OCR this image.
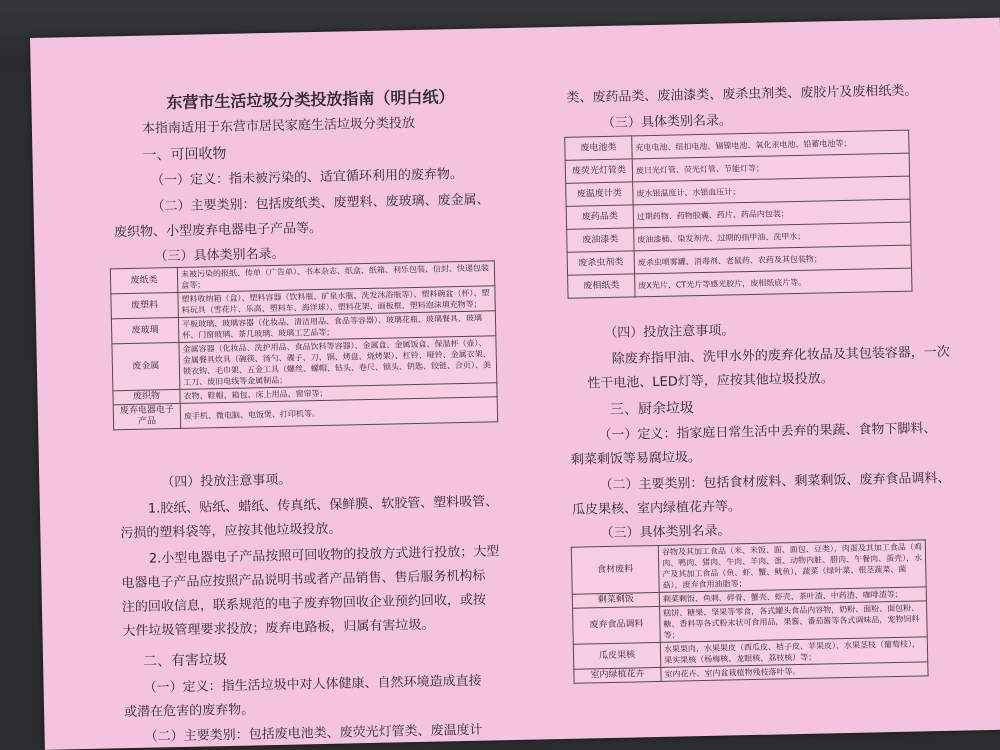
东营市生活垃圾分类投放指南（明白纸）
本指南适用于东营市居民家庭生活垃圾分类投放
一、可回收物
（一）定义：指未被污染的、适宜循环利用的废弃物。
（二）主要类别：包括废纸类、废塑料、废玻璃、废金属、
废织物、小型废弃电器电子产品等。
（三）具体类别名录。
废纸类	未被污染的报纸、传单（广告单）、书本杂志、纸盒、纸箱、利乐包装、信封、快递包装盒等；
废塑料	塑料收纳箱（盒）、塑料容器（饮料瓶、矿泉水瓶、洗发沐浴瓶等）、塑料碗盆（杯）、塑料玩具（雪花片、乐高、塑料车、海洋球）、塑料花架、画板框、塑料泡沫填充物等；
废玻璃	平板玻璃、玻璃容器（化妆品、清洁用品、食品等容器）、玻璃花瓶、玻璃餐具、玻璃杯、门窗玻璃、茶几玻璃、玻璃工艺品等；
废金属	金属容器（化妆品、洗护用品、食品饮料等容器）、金属盒、金属饭盒、保温杯（壶）、金属餐具炊具（碗筷、汤勺、碟子、刀、锅、烤盘、烧烤架）、杠铃、哑铃、金属衣架、锁衣钩、毛巾架、五金工具（螺丝、螺帽、钻头、卷尺、锁头、钥匙、铰链、合页）、美工刀、废旧电线等金属制品；
废织物	衣物、鞋帽、箱包、床上用品、窗帘等；
废弃电器电子产品	废手机、微电脑、电饭煲、打印机等。
（四）投放注意事项。
1.胶纸、贴纸、蜡纸、传真纸、保鲜膜、软胶管、塑料吸管、
污损的塑料袋等，应按其他垃圾投放。
2.小型电器电子产品按照可回收物的投放方式进行投放；大型
电器电子产品应按照产品说明书或者产品销售、售后服务机构标
注的回收信息，联系规范的电子废弃物回收企业预约回收，或按
大件垃圾管理要求投放；废弃电路板，归属有害垃圾。
二、有害垃圾
（一）定义：指生活垃圾中对人体健康、自然环境造成直接
或潜在危害的废弃物。
（二）主要类别：包括废电池类、废荧光灯管类、废温度计
类、废药品类、废油漆类、废杀虫剂类、废胶片及废相纸类。
（三）具体类别名录。
废电池类	充电电池、纽扣电池、镉镍电池、氧化汞电池、铅蓄电池等；
废荧光灯管类	废日光灯管、荧光灯管、节能灯等；
废温度计类	废水银温度计、水银血压计；
废药品类	过期药物、药物胶囊、药片、药品内包装；
废油漆类	废油漆桶、染发剂壳、过期的指甲油、洗甲水；
废杀虫剂类	废杀虫喷雾罐、消毒剂、老鼠药、农药及其包装物；
废相纸类	废X光片、CT光片等感光胶片，废相纸底片等。
（四）投放注意事项。
除废弃指甲油、洗甲水外的废弃化妆品及其包装容器，一次
性干电池、LED灯等，应按其他垃圾投放。
三、厨余垃圾
（一）定义：指家庭日常生活中丢弃的果蔬、食物下脚料、
剩菜剩饭等易腐垃圾。
（二）主要类别：包括食材废料、剩菜剩饭、废弃食品调料、
瓜皮果核、室内绿植花卉等。
（三）具体类别名录。
食材废料	谷物及其加工食品（米、米饭、面、面包、豆类），肉蛋及其加工食品（鸡肉、鸭肉、猪肉、牛肉、羊肉、蛋、动物内脏、腊肉、午餐肉、蛋壳），水产及其加工食品（鱼、虾、蟹、鱿鱼），蔬菜（绿叶菜、根茎蔬菜、菌菇），废弃食用油脂等；
剩菜剩饭	剩菜剩饭、鱼刺、碎骨、蟹壳、虾壳、茶叶渣、中药渣、咖啡渣等；
废弃食品调料	糕饼、糖果、坚果等零食，各式罐头食品内容物，奶粉、面粉、面包粉、糖、香料等各式粉末状可食用品，果酱、番茄酱等各式调味品，宠物饲料等；
瓜皮果核	水果果肉，水果果皮（西瓜皮、桔子皮、苹果皮），水果茎枝（葡萄枝），果实果核（杨梅核、龙眼核、荔枝核）等；
室内绿植花卉	室内花卉、室内盆栽植物残枝落叶等。
